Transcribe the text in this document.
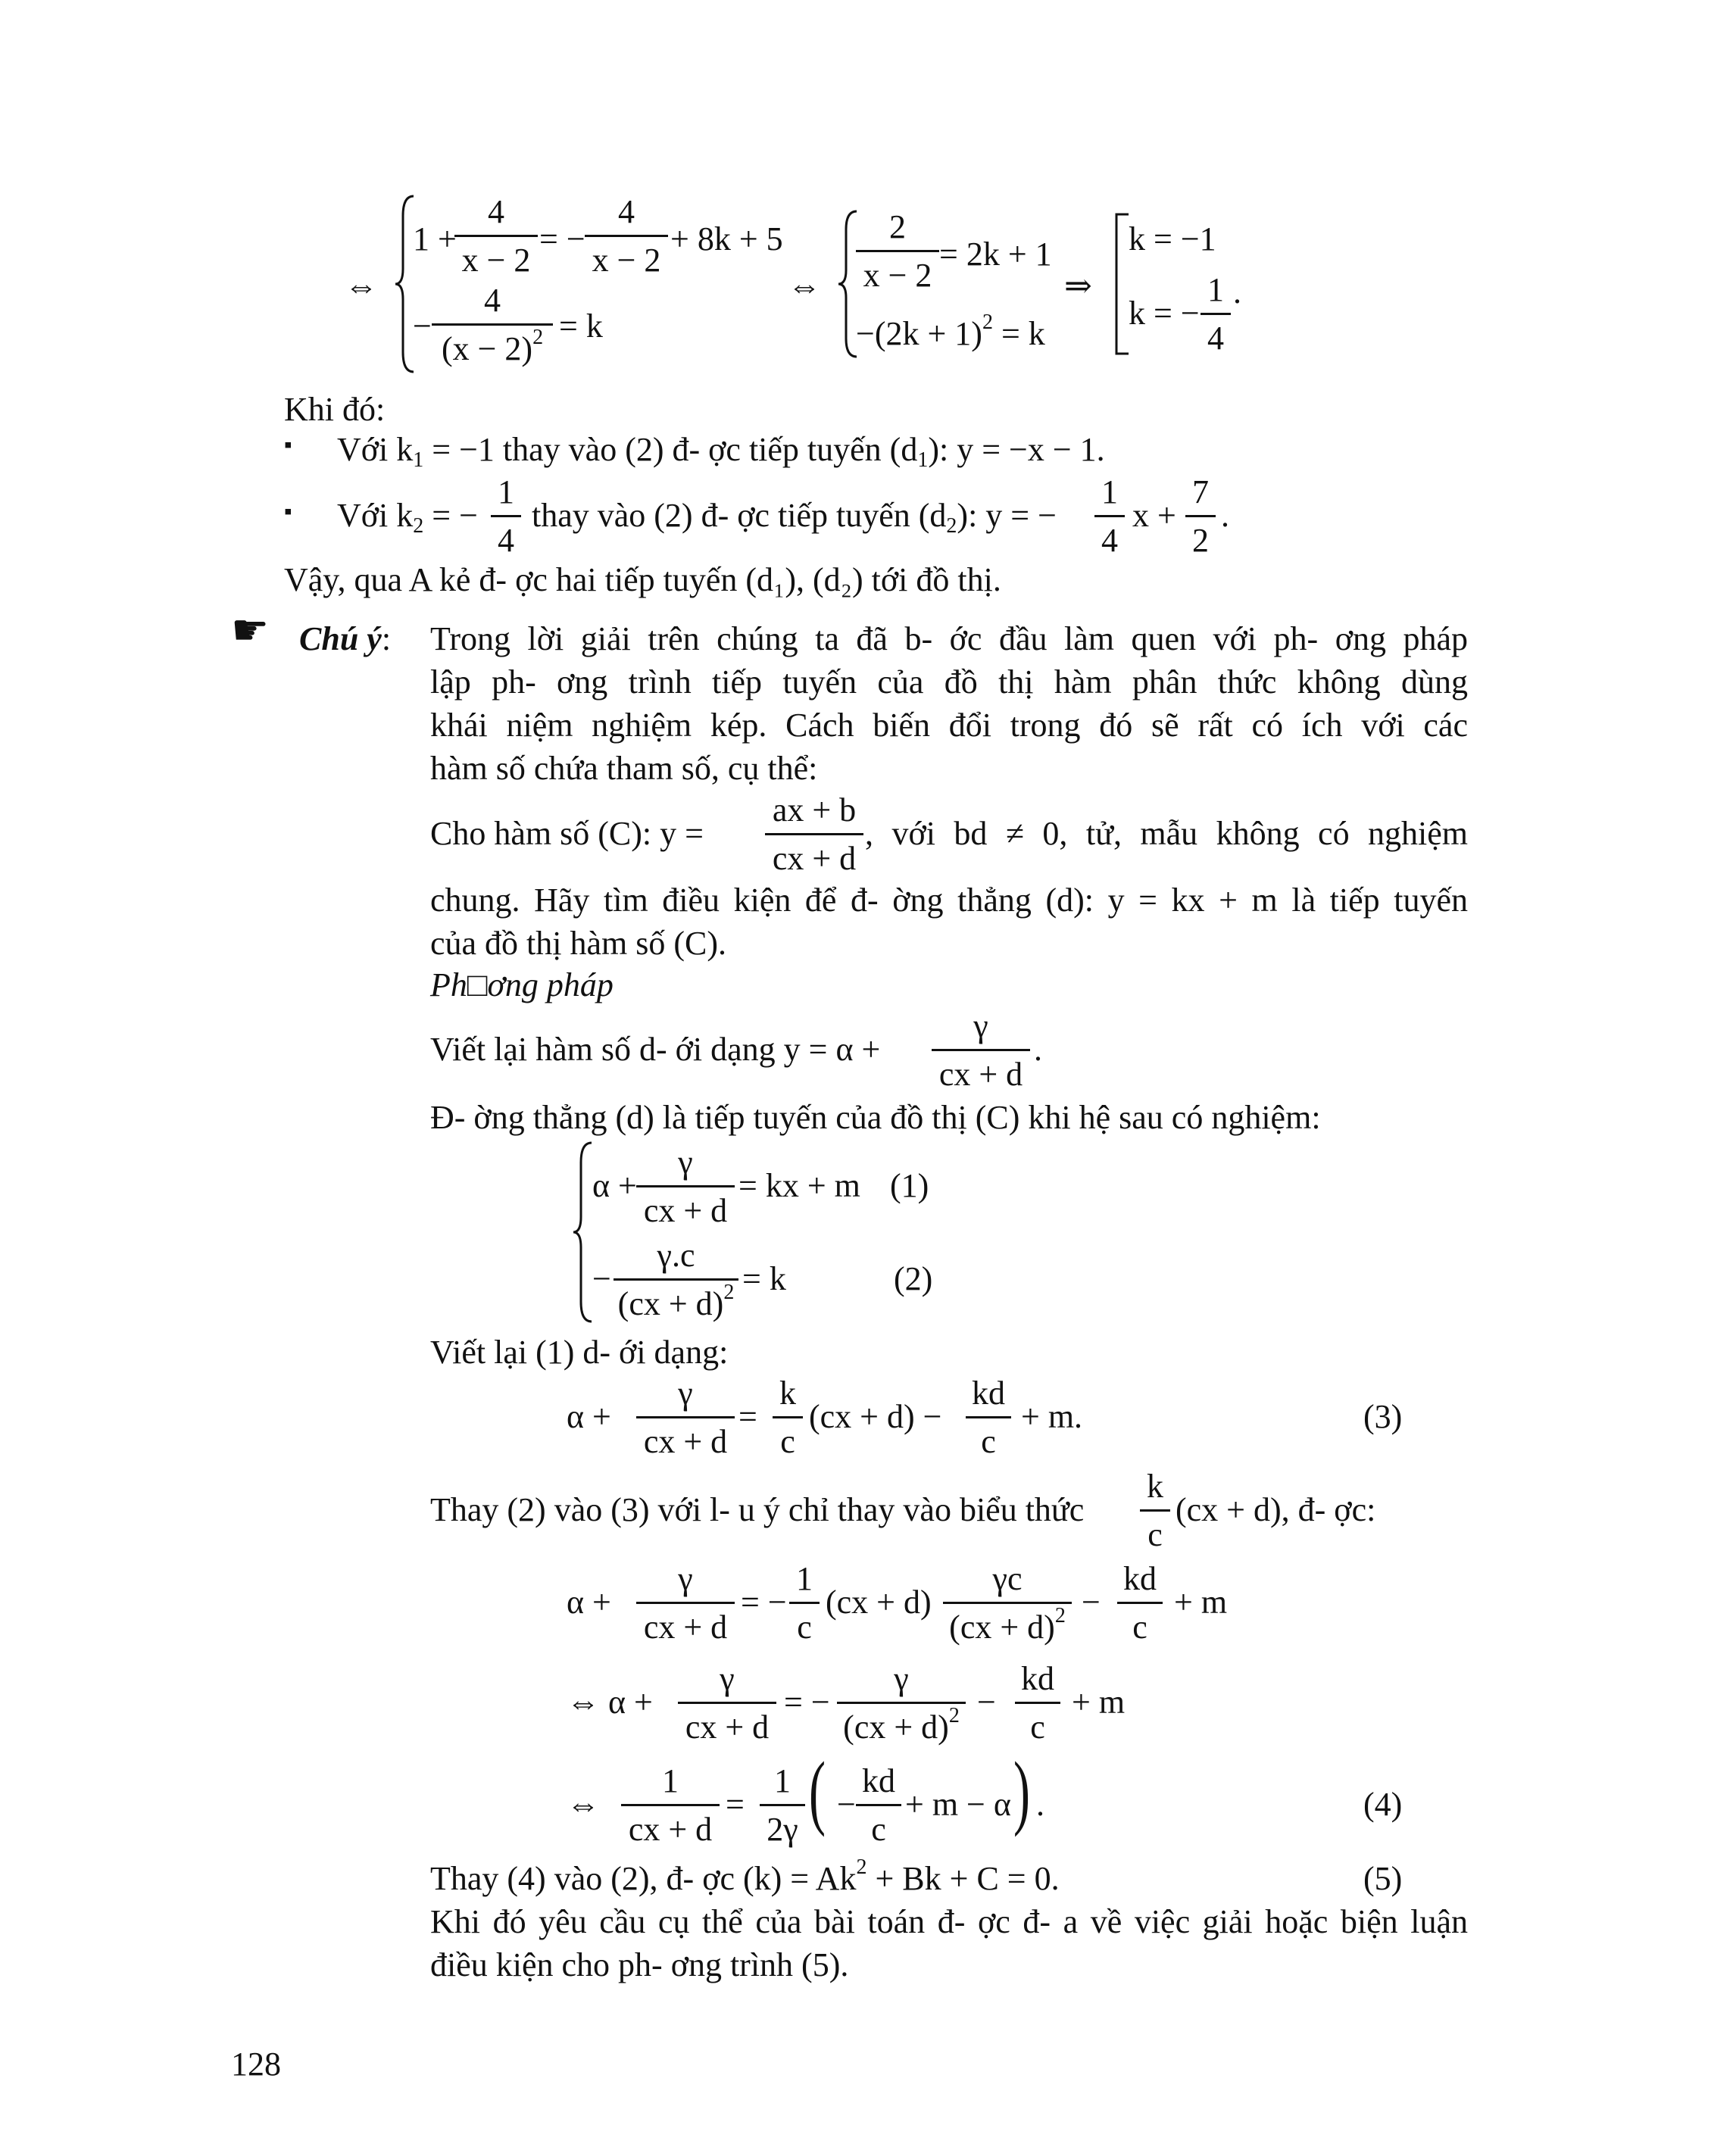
⇔
1 +
4
x − 2
= −
4
x − 2
+ 8k + 5
−
4
$(x - 2)^2 = k$
⇔
2
x − 2
= 2k + 1
$-(2k + 1)^2 = k$
⇒
k = −1
k = −
1
4
.
Khi đó:
▪ Với $k_1 = -1$ thay vào (2) đ- ợc tiếp tuyến $(d_1)$: y = −x − 1.
▪ Với $k_2$ = −
1
4
thay vào (2) đ- ợc tiếp tuyến $(d_2)$: y = −
1
4
x +
7
2
.
Vậy, qua A kẻ đ- ợc hai tiếp tuyến (d₁), (d₂) tới đồ thị.
☛ Chú ý: Trong lời giải trên chúng ta đã b- ớc đầu làm quen với ph- ơng pháp
lập ph- ơng trình tiếp tuyến của đồ thị hàm phân thức không dùng
khái niệm nghiệm kép. Cách biến đổi trong đó sẽ rất có ích với các
hàm số chứa tham số, cụ thể:
Cho hàm số (C): y =
ax + b
cx + d
, với bd ≠ 0, tử, mẫu không có nghiệm
chung. Hãy tìm điều kiện để đ- ờng thẳng (d): y = kx + m là tiếp tuyến
của đồ thị hàm số (C).
Ph□ơng pháp
Viết lại hàm số d- ới dạng y = α +
γ
cx + d
.
Đ- ờng thẳng (d) là tiếp tuyến của đồ thị (C) khi hệ sau có nghiệm:
α +
γ
cx + d
= kx + m (1)
−
γ.c
(cx + d)$^2$ = k	(2)
Viết lại (1) d- ới dạng:
α +
γ
cx + d
=
k
c
(cx + d) −
kd
c
+ m.	(3)
Thay (2) vào (3) với l- u ý chỉ thay vào biểu thức
k
c
(cx + d), đ- ợc:
α +
γ
cx + d
= −
1
c
(cx + d)
γc
(cx + d)$^2$ −
kd
c
+ m
⇔ α +
γ
cx + d
= −
γ
(cx + d)$^2$ −
kd
c
+ m
⇔
1
cx + d
=
1
2γ ( −
kd
c
+ m − α ) .	(4)
Thay (4) vào (2), đ- ợc $(k) = Ak^2 + Bk + C = 0$.	(5)
Khi đó yêu cầu cụ thể của bài toán đ- ợc đ- a về việc giải hoặc biện luận
điều kiện cho ph- ơng trình (5).
128
